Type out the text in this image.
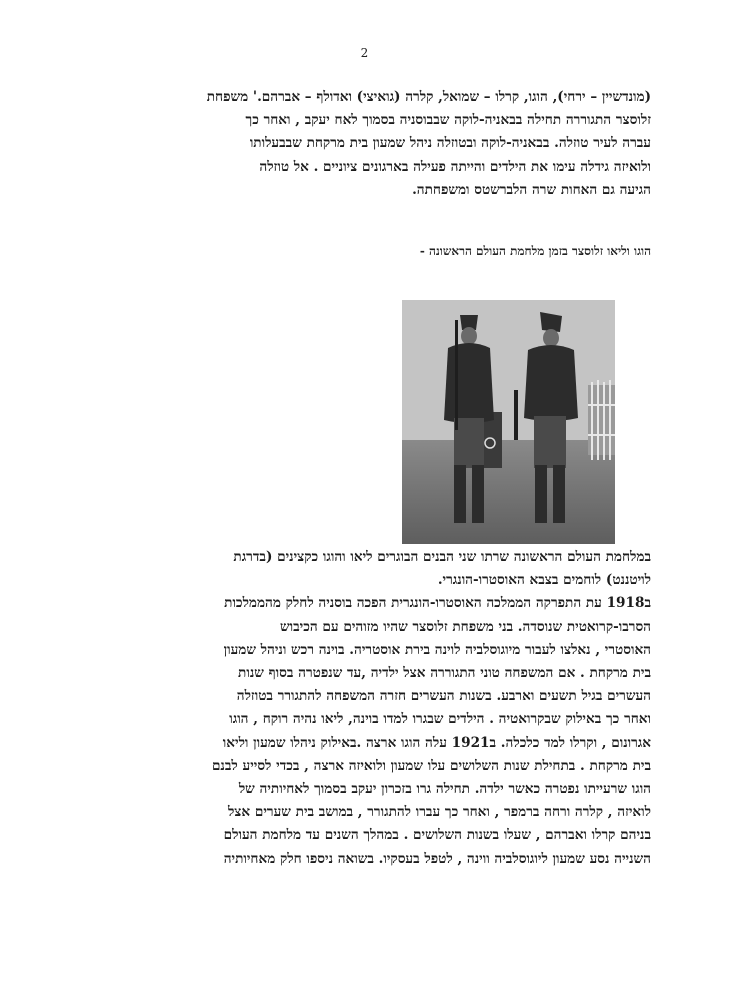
2
(מונדשיין – ירחי), הוגו, קרלו – שמואל, קלרה (גואיצי) ואדולף – אברהם.' משפחת
זלוסצר התגוררה תחילה בבאניה-לוקה שבבוסניה בסמוך לאח יעקב , ואחר כך
עברה לעיר טוזלה. בבאניה-לוקה ובטוזלה ניהל שמעון בית מרקחת שבבעלותו
ולואיזה גידלה עימו את הילדים והייתה פעילה בארגונים ציוניים . אל טוזלה
הגיעה גם האחות שרה הלברשטס ומשפחתה.
הוגו וליאו זלוסצר בזמן מלחמת העולם הראשונה -
במלחמת העולם הראשונה שרתו שני הבנים הבוגרים ליאו והוגו כקצינים (בדרגת
לויטננט) לוחמים בצבא האוסטרו-הונגרי.
ב1918 עת התפרקה הממלכה האוסטרו-הונגרית הפכה בוסניה לחלק מהממלכות
הסרבו-קרואטית שנוסדה. בני משפחת זלוסצר שהיו מזוהים עם הכיבוש
האוסטרי , נאלצו לעבור מיוגוסלביה לוינה בירת אוסטריה. בוינה רכש וניהל שמעון
בית מרקחת . אם המשפחה טוני התגוררה אצל ילדיה ,עד שנפטרה בסוף שנות
העשרים בגיל תשעים וארבע. בשנות העשרים חזרה המשפחה להתגורר בטוזלה
ואחר כך באילוק שבקרואטיה . הילדים שבגרו למדו בוינה, ליאו נהיה רוקח , הוגו
אגרונום , וקרלו למד כלכלה. ב1921 עלה הוגו ארצה .באילוק ניהלו שמעון וליאו
בית מרקחת . בתחילת שנות השלושים עלו שמעון ולואיזה ארצה , בכדי לסייע לבנם
הוגו שרעייתו נפטרה כאשר ילדה. תחילה גרו בזכרון יעקב בסמוך לאחיותיה של
לואיזה , קלרה ורחה ברמפר , ואחר כך עברו להתגורר , במושב בית שערים אצל
בניהם קרלו ואברהם , שעלו בשנות השלושים . במהלך השנים עד מלחמת העולם
השנייה נסע שמעון ליוגוסלביה ווינה , לטפל בעסקיו. בשואה ניספו חלק מאחיותיה
